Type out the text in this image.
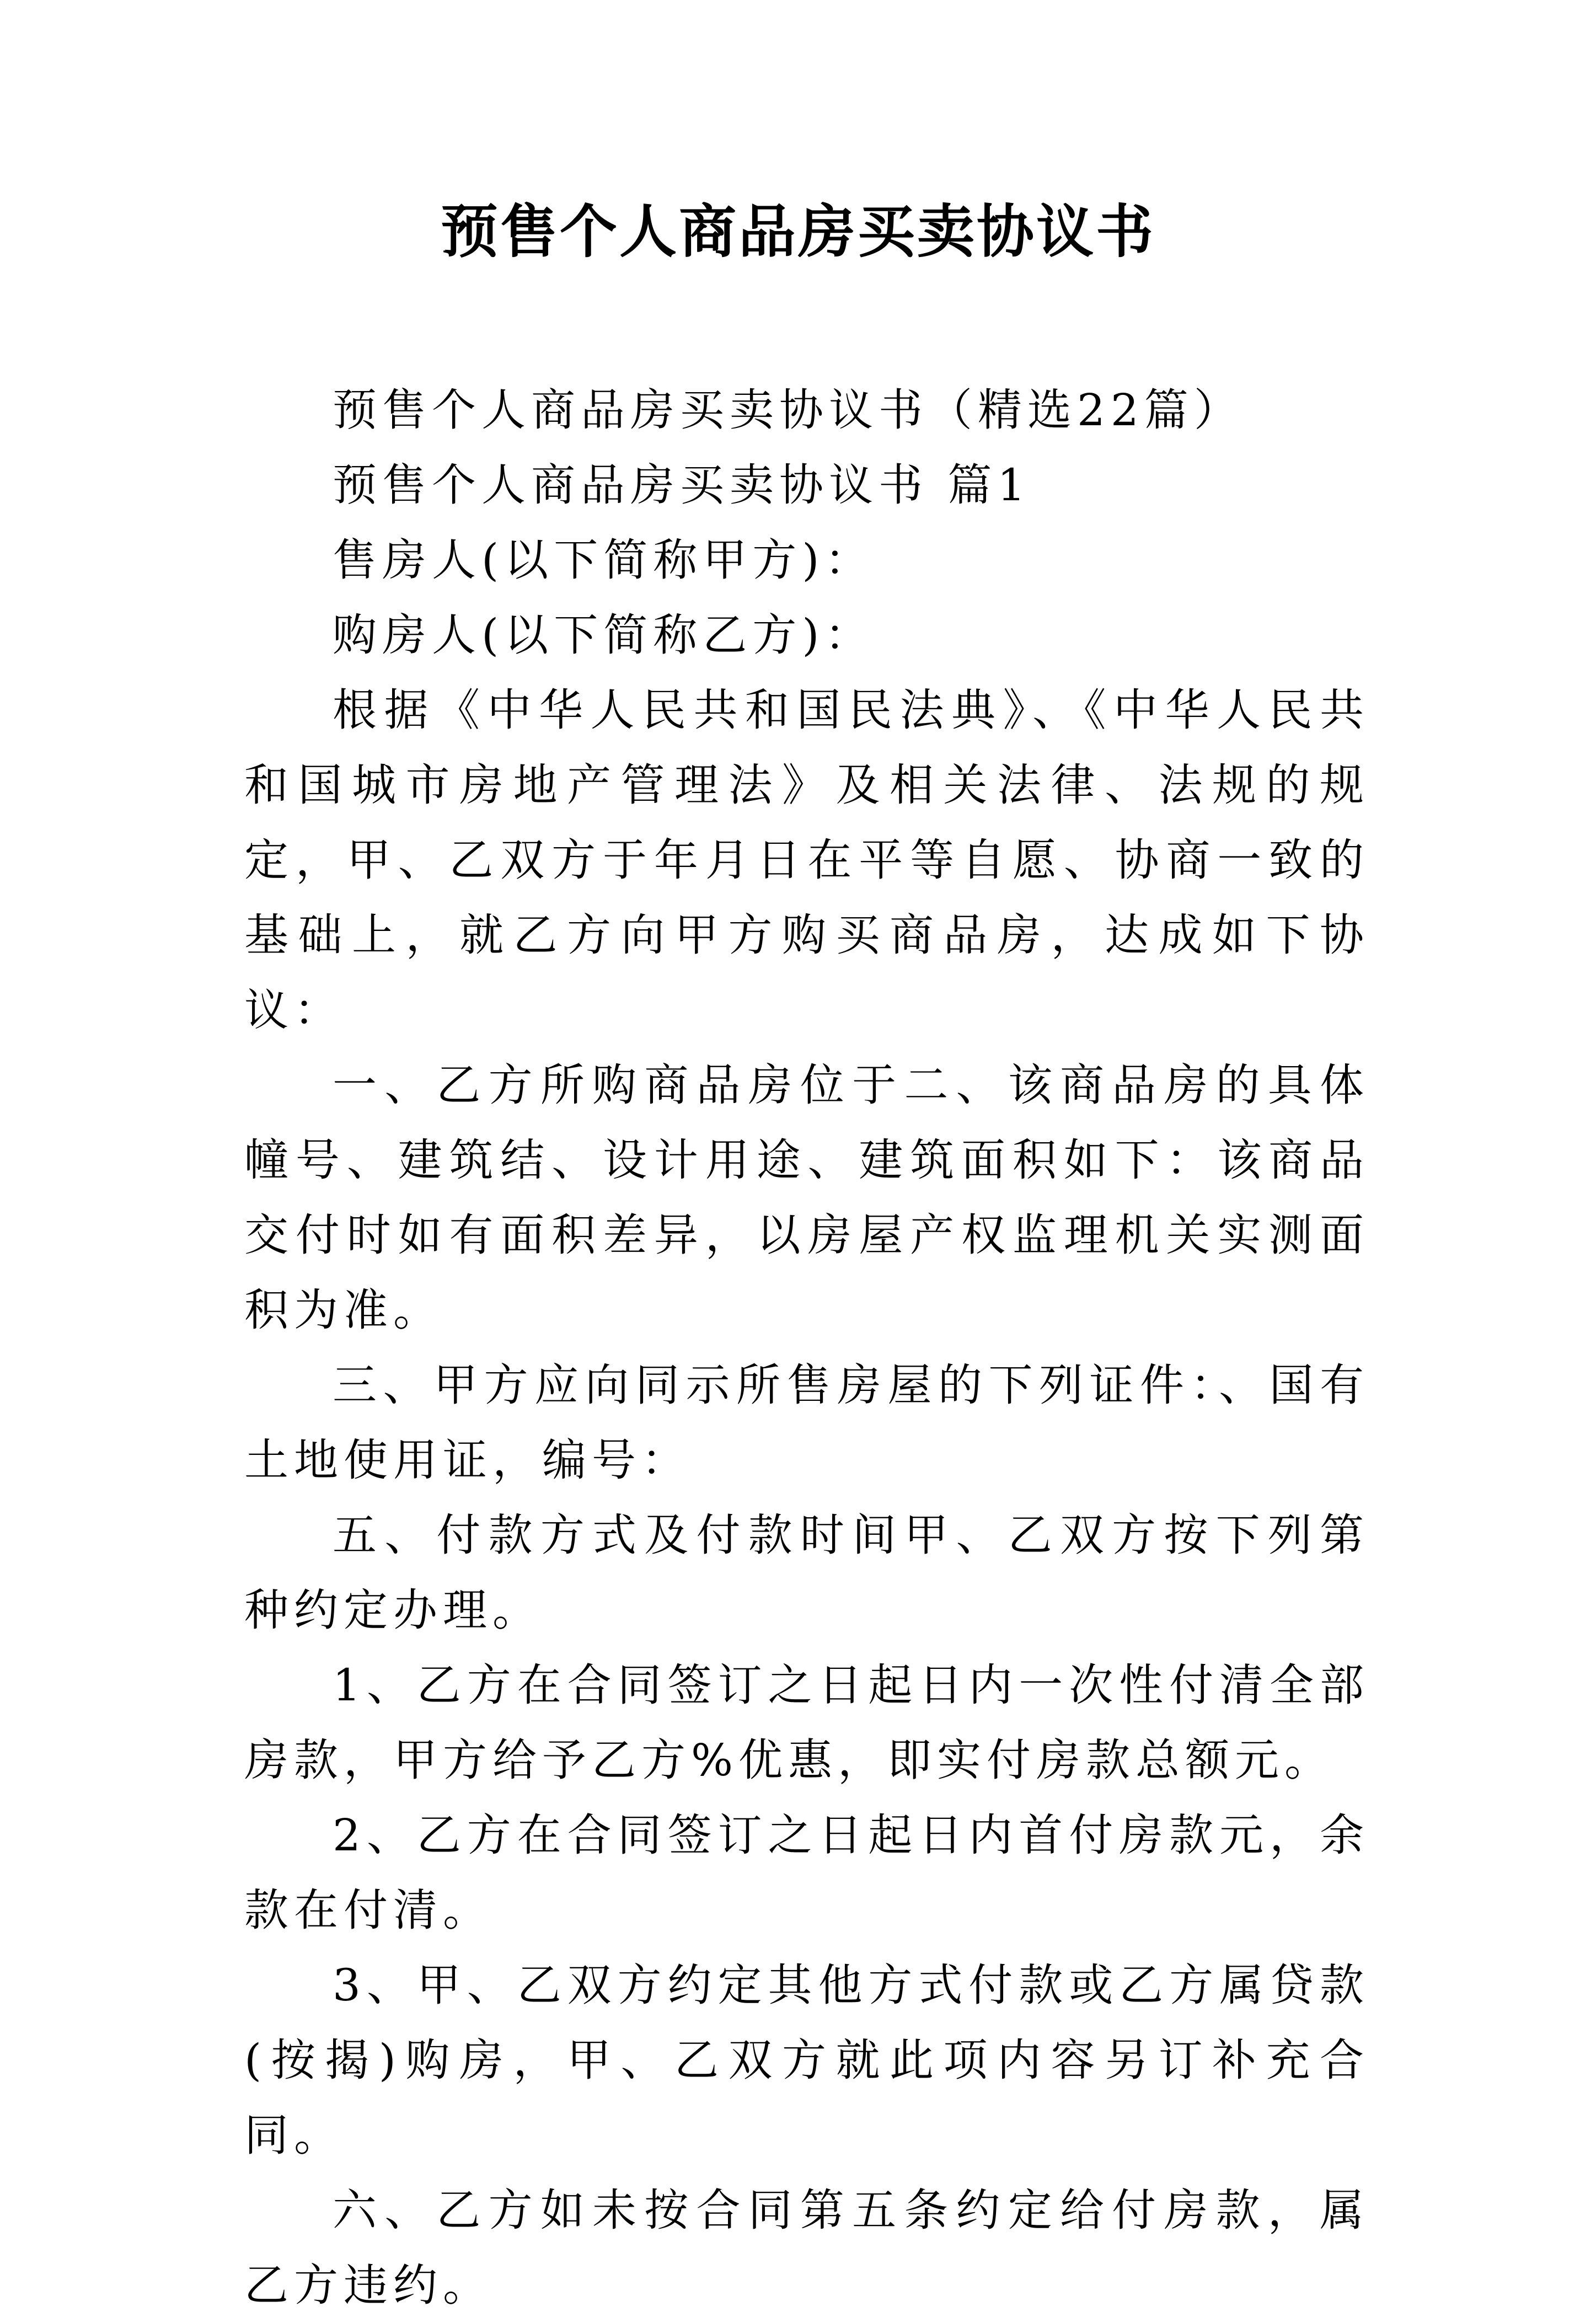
预售个人商品房买卖协议书

预售个人商品房买卖协议书（精选22篇）

预售个人商品房买卖协议书 篇1

售房人(以下简称甲方)：

购房人(以下简称乙方)：

根据《中华人民共和国民法典》、《中华人民共和国城市房地产管理法》及相关法律、法规的规定，甲、乙双方于年月日在平等自愿、协商一致的基础上，就乙方向甲方购买商品房，达成如下协议：

一、乙方所购商品房位于二、该商品房的具体幢号、建筑结、设计用途、建筑面积如下：该商品交付时如有面积差异，以房屋产权监理机关实测面积为准。

三、甲方应向同示所售房屋的下列证件：、国有土地使用证，编号：

五、付款方式及付款时间甲、乙双方按下列第种约定办理。

1、乙方在合同签订之日起日内一次性付清全部房款，甲方给予乙方%优惠，即实付房款总额元。

2、乙方在合同签订之日起日内首付房款元，余款在付清。

3、甲、乙双方约定其他方式付款或乙方属贷款(按揭)购房，甲、乙双方就此项内容另订补充合同。

六、乙方如未按合同第五条约定给付房款，属乙方违约。
